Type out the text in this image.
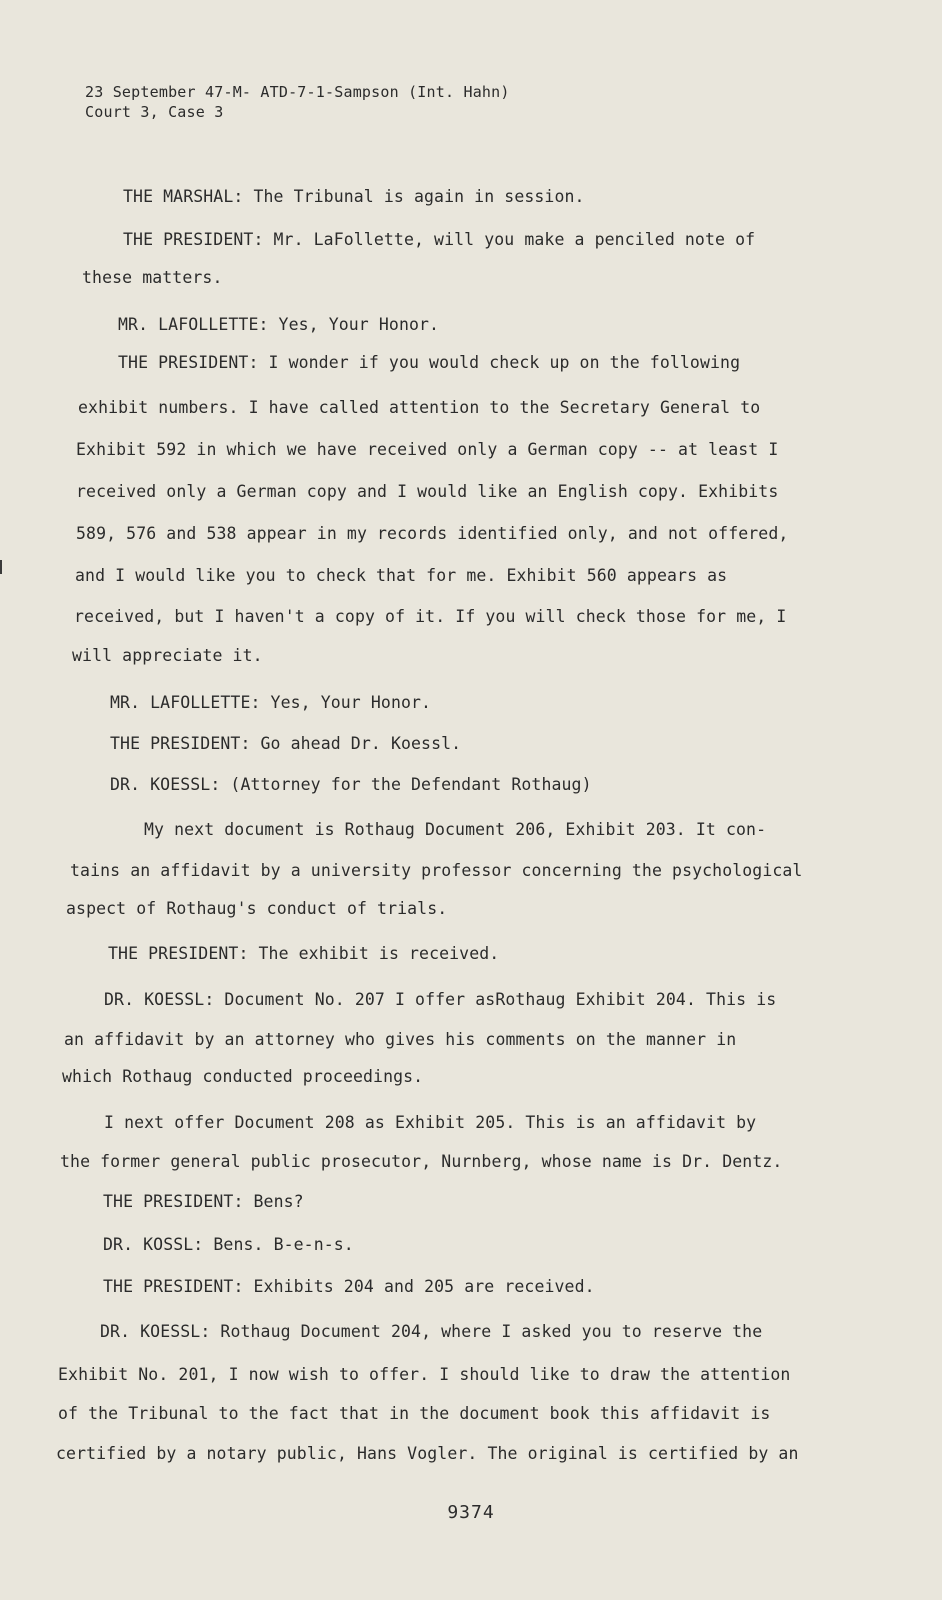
23 September 47-M- ATD-7-1-Sampson (Int. Hahn)
Court 3, Case 3
THE MARSHAL: The Tribunal is again in session.
THE PRESIDENT: Mr. LaFollette, will you make a penciled note of
these matters.
MR. LAFOLLETTE: Yes, Your Honor.
THE PRESIDENT: I wonder if you would check up on the following
exhibit numbers. I have called attention to the Secretary General to
Exhibit 592 in which we have received only a German copy -- at least I
received only a German copy and I would like an English copy. Exhibits
589, 576 and 538 appear in my records identified only, and not offered,
and I would like you to check that for me. Exhibit 560 appears as
received, but I haven't a copy of it. If you will check those for me, I
will appreciate it.
MR. LAFOLLETTE: Yes, Your Honor.
THE PRESIDENT: Go ahead Dr. Koessl.
DR. KOESSL: (Attorney for the Defendant Rothaug)
My next document is Rothaug Document 206, Exhibit 203. It con-
tains an affidavit by a university professor concerning the psychological
aspect of Rothaug's conduct of trials.
THE PRESIDENT: The exhibit is received.
DR. KOESSL: Document No. 207 I offer asRothaug Exhibit 204. This is
an affidavit by an attorney who gives his comments on the manner in
which Rothaug conducted proceedings.
I next offer Document 208 as Exhibit 205. This is an affidavit by
the former general public prosecutor, Nurnberg, whose name is Dr. Dentz.
THE PRESIDENT: Bens?
DR. KOSSL: Bens. B-e-n-s.
THE PRESIDENT: Exhibits 204 and 205 are received.
DR. KOESSL: Rothaug Document 204, where I asked you to reserve the
Exhibit No. 201, I now wish to offer. I should like to draw the attention
of the Tribunal to the fact that in the document book this affidavit is
certified by a notary public, Hans Vogler. The original is certified by an
9374
